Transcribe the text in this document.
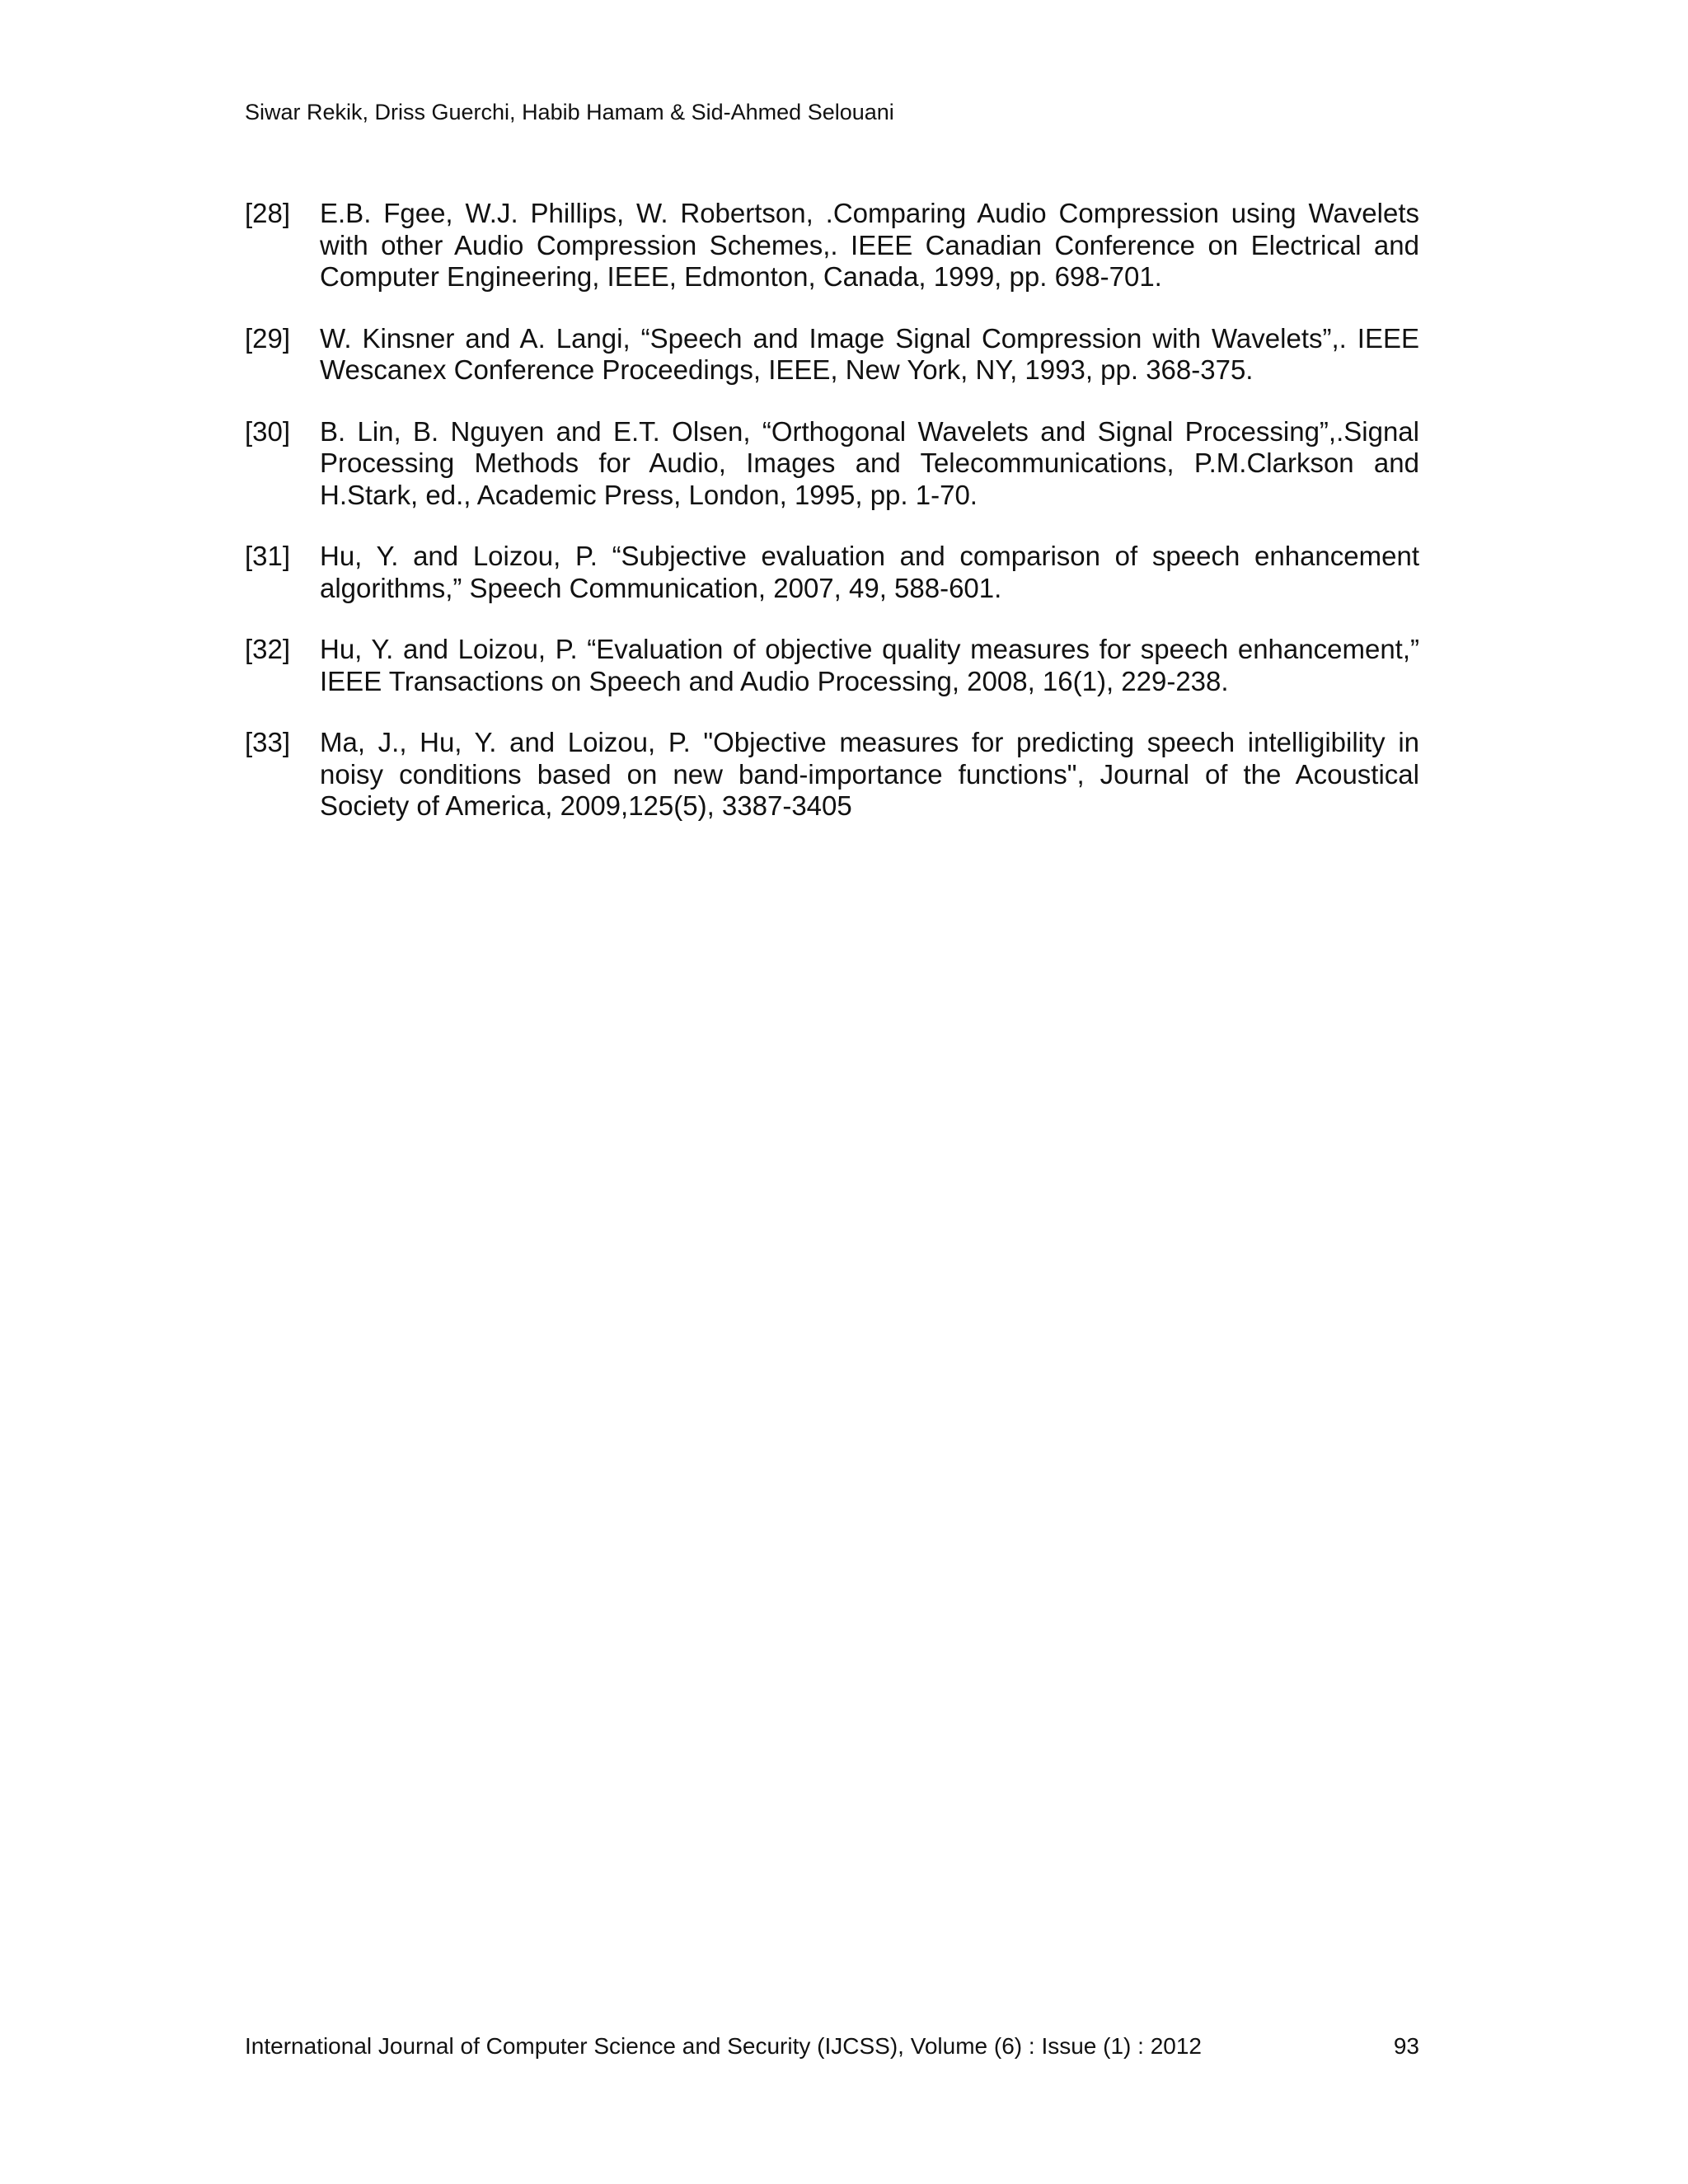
Siwar Rekik, Driss Guerchi, Habib Hamam & Sid-Ahmed Selouani
[28] E.B. Fgee, W.J. Phillips, W. Robertson, .Comparing Audio Compression using Wavelets with other Audio Compression Schemes,. IEEE Canadian Conference on Electrical and Computer Engineering, IEEE, Edmonton, Canada, 1999, pp. 698-701.
[29] W. Kinsner and A. Langi, “Speech and Image Signal Compression with Wavelets”,. IEEE Wescanex Conference Proceedings, IEEE, New York, NY, 1993, pp. 368-375.
[30] B. Lin, B. Nguyen and E.T. Olsen, “Orthogonal Wavelets and Signal Processing”,.Signal Processing Methods for Audio, Images and Telecommunications, P.M.Clarkson and H.Stark, ed., Academic Press, London, 1995, pp. 1-70.
[31] Hu, Y. and Loizou, P. “Subjective evaluation and comparison of speech enhancement algorithms,” Speech Communication, 2007, 49, 588-601.
[32] Hu, Y. and Loizou, P. “Evaluation of objective quality measures for speech enhancement,” IEEE Transactions on Speech and Audio Processing, 2008, 16(1), 229-238.
[33] Ma, J., Hu, Y. and Loizou, P. "Objective measures for predicting speech intelligibility in noisy conditions based on new band-importance functions", Journal of the Acoustical Society of America, 2009,125(5), 3387-3405
International Journal of Computer Science and Security (IJCSS), Volume (6) : Issue (1) : 2012	93
